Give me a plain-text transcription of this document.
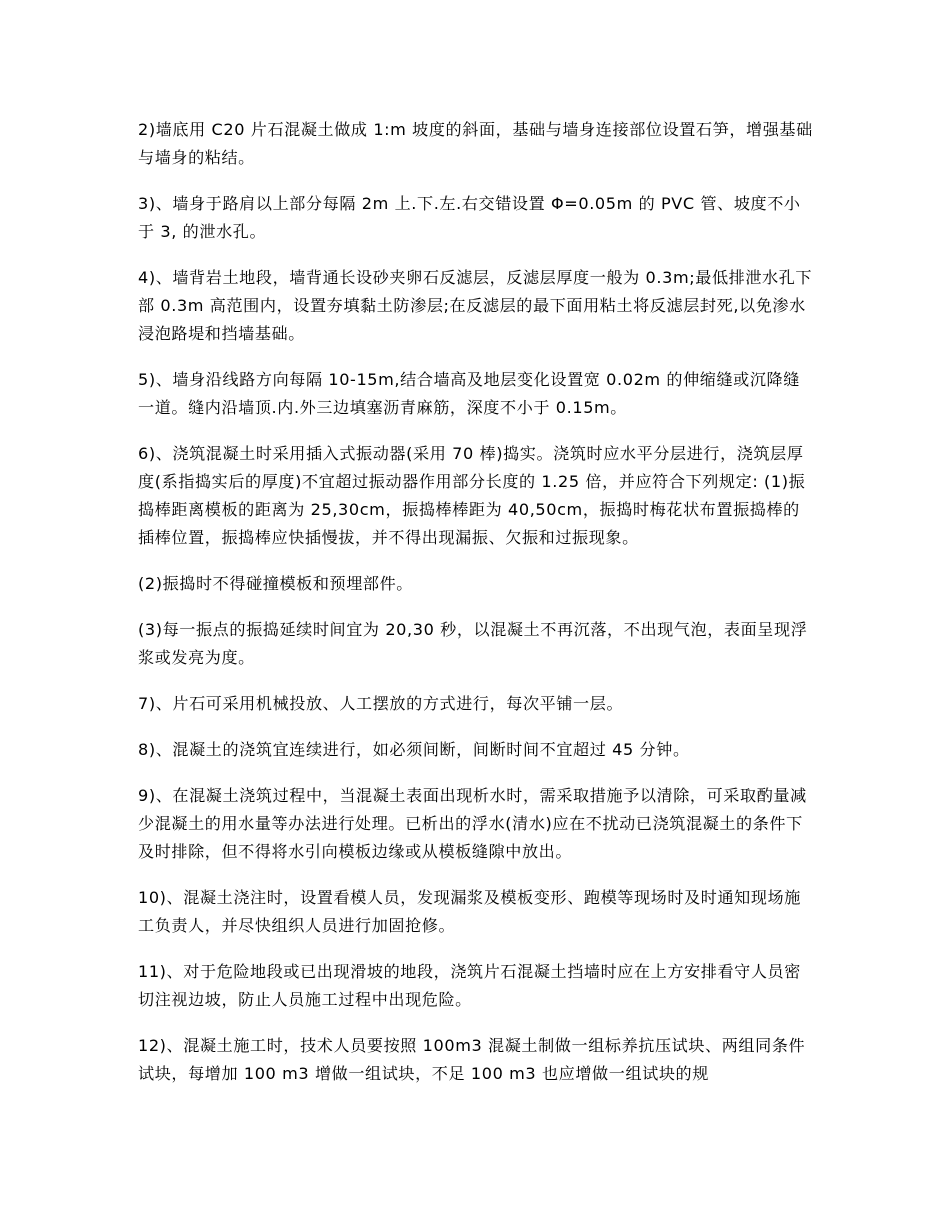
2)墙底用 C20 片石混凝土做成 1:m 坡度的斜面，基础与墙身连接部位设置石笋，增强基础与墙身的粘结。

3)、墙身于路肩以上部分每隔 2m 上.下.左.右交错设置 Φ=0.05m 的 PVC 管、坡度不小于 3, 的泄水孔。

4)、墙背岩土地段，墙背通长设砂夹卵石反滤层，反滤层厚度一般为 0.3m;最低排泄水孔下部 0.3m 高范围内，设置夯填黏土防渗层;在反滤层的最下面用粘土将反滤层封死,以免渗水浸泡路堤和挡墙基础。

5)、墙身沿线路方向每隔 10-15m,结合墙高及地层变化设置宽 0.02m 的伸缩缝或沉降缝一道。缝内沿墙顶.内.外三边填塞沥青麻筋，深度不小于 0.15m。

6)、浇筑混凝土时采用插入式振动器(采用 70 棒)捣实。浇筑时应水平分层进行，浇筑层厚度(系指捣实后的厚度)不宜超过振动器作用部分长度的 1.25 倍，并应符合下列规定: (1)振捣棒距离模板的距离为 25,30cm，振捣棒棒距为 40,50cm，振捣时梅花状布置振捣棒的插棒位置，振捣棒应快插慢拔，并不得出现漏振、欠振和过振现象。

(2)振捣时不得碰撞模板和预埋部件。

(3)每一振点的振捣延续时间宜为 20,30 秒，以混凝土不再沉落，不出现气泡，表面呈现浮浆或发亮为度。

7)、片石可采用机械投放、人工摆放的方式进行，每次平铺一层。

8)、混凝土的浇筑宜连续进行，如必须间断，间断时间不宜超过 45 分钟。

9)、在混凝土浇筑过程中，当混凝土表面出现析水时，需采取措施予以清除，可采取酌量减少混凝土的用水量等办法进行处理。已析出的浮水(清水)应在不扰动已浇筑混凝土的条件下及时排除，但不得将水引向模板边缘或从模板缝隙中放出。

10)、混凝土浇注时，设置看模人员，发现漏浆及模板变形、跑模等现场时及时通知现场施工负责人，并尽快组织人员进行加固抢修。

11)、对于危险地段或已出现滑坡的地段，浇筑片石混凝土挡墙时应在上方安排看守人员密切注视边坡，防止人员施工过程中出现危险。

12)、混凝土施工时，技术人员要按照 100m3 混凝土制做一组标养抗压试块、两组同条件试块，每增加 100 m3 增做一组试块，不足 100 m3 也应增做一组试块的规
